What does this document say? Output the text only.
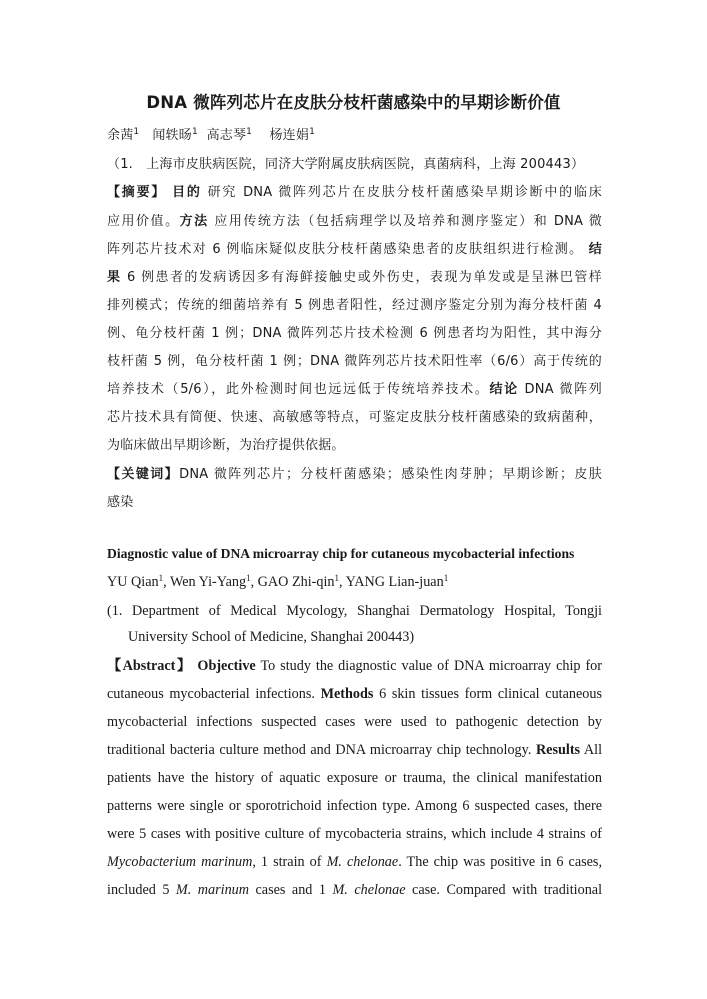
DNA 微阵列芯片在皮肤分枝杆菌感染中的早期诊断价值
余茜$^1$ 闻轶旸$^1$ 高志琴$^1$ 杨连娟$^1$
（1.　上海市皮肤病医院，同济大学附属皮肤病医院，真菌病科，上海 200443）
【摘要】 目的 研究 DNA 微阵列芯片在皮肤分枝杆菌感染早期诊断中的临床
应用价值。方法 应用传统方法（包括病理学以及培养和测序鉴定）和 DNA 微
阵列芯片技术对 6 例临床疑似皮肤分枝杆菌感染患者的皮肤组织进行检测。 结
果 6 例患者的发病诱因多有海鲜接触史或外伤史，表现为单发或是呈淋巴管样
排列模式；传统的细菌培养有 5 例患者阳性，经过测序鉴定分别为海分枝杆菌 4
例、龟分枝杆菌 1 例；DNA 微阵列芯片技术检测 6 例患者均为阳性，其中海分
枝杆菌 5 例，龟分枝杆菌 1 例；DNA 微阵列芯片技术阳性率（6/6）高于传统的
培养技术（5/6），此外检测时间也远远低于传统培养技术。结论 DNA 微阵列
芯片技术具有简便、快速、高敏感等特点，可鉴定皮肤分枝杆菌感染的致病菌种，
为临床做出早期诊断，为治疗提供依据。
【关键词】DNA 微阵列芯片；分枝杆菌感染；感染性肉芽肿；早期诊断；皮肤
感染
Diagnostic value of DNA microarray chip for cutaneous mycobacterial infections
YU Qian$^1$, Wen Yi-Yang$^1$, GAO Zhi-qin$^1$, YANG Lian-juan$^1$
(1. Department of Medical Mycology, Shanghai Dermatology Hospital, Tongji
University School of Medicine, Shanghai 200443)
【Abstract】 Objective To study the diagnostic value of DNA microarray chip for
cutaneous mycobacterial infections. Methods 6 skin tissues form clinical cutaneous
mycobacterial infections suspected cases were used to pathogenic detection by
traditional bacteria culture method and DNA microarray chip technology. Results All
patients have the history of aquatic exposure or trauma, the clinical manifestation
patterns were single or sporotrichoid infection type. Among 6 suspected cases, there
were 5 cases with positive culture of mycobacteria strains, which include 4 strains of
Mycobacterium marinum, 1 strain of M. chelonae. The chip was positive in 6 cases,
included 5 M. marinum cases and 1 M. chelonae case. Compared with traditional
